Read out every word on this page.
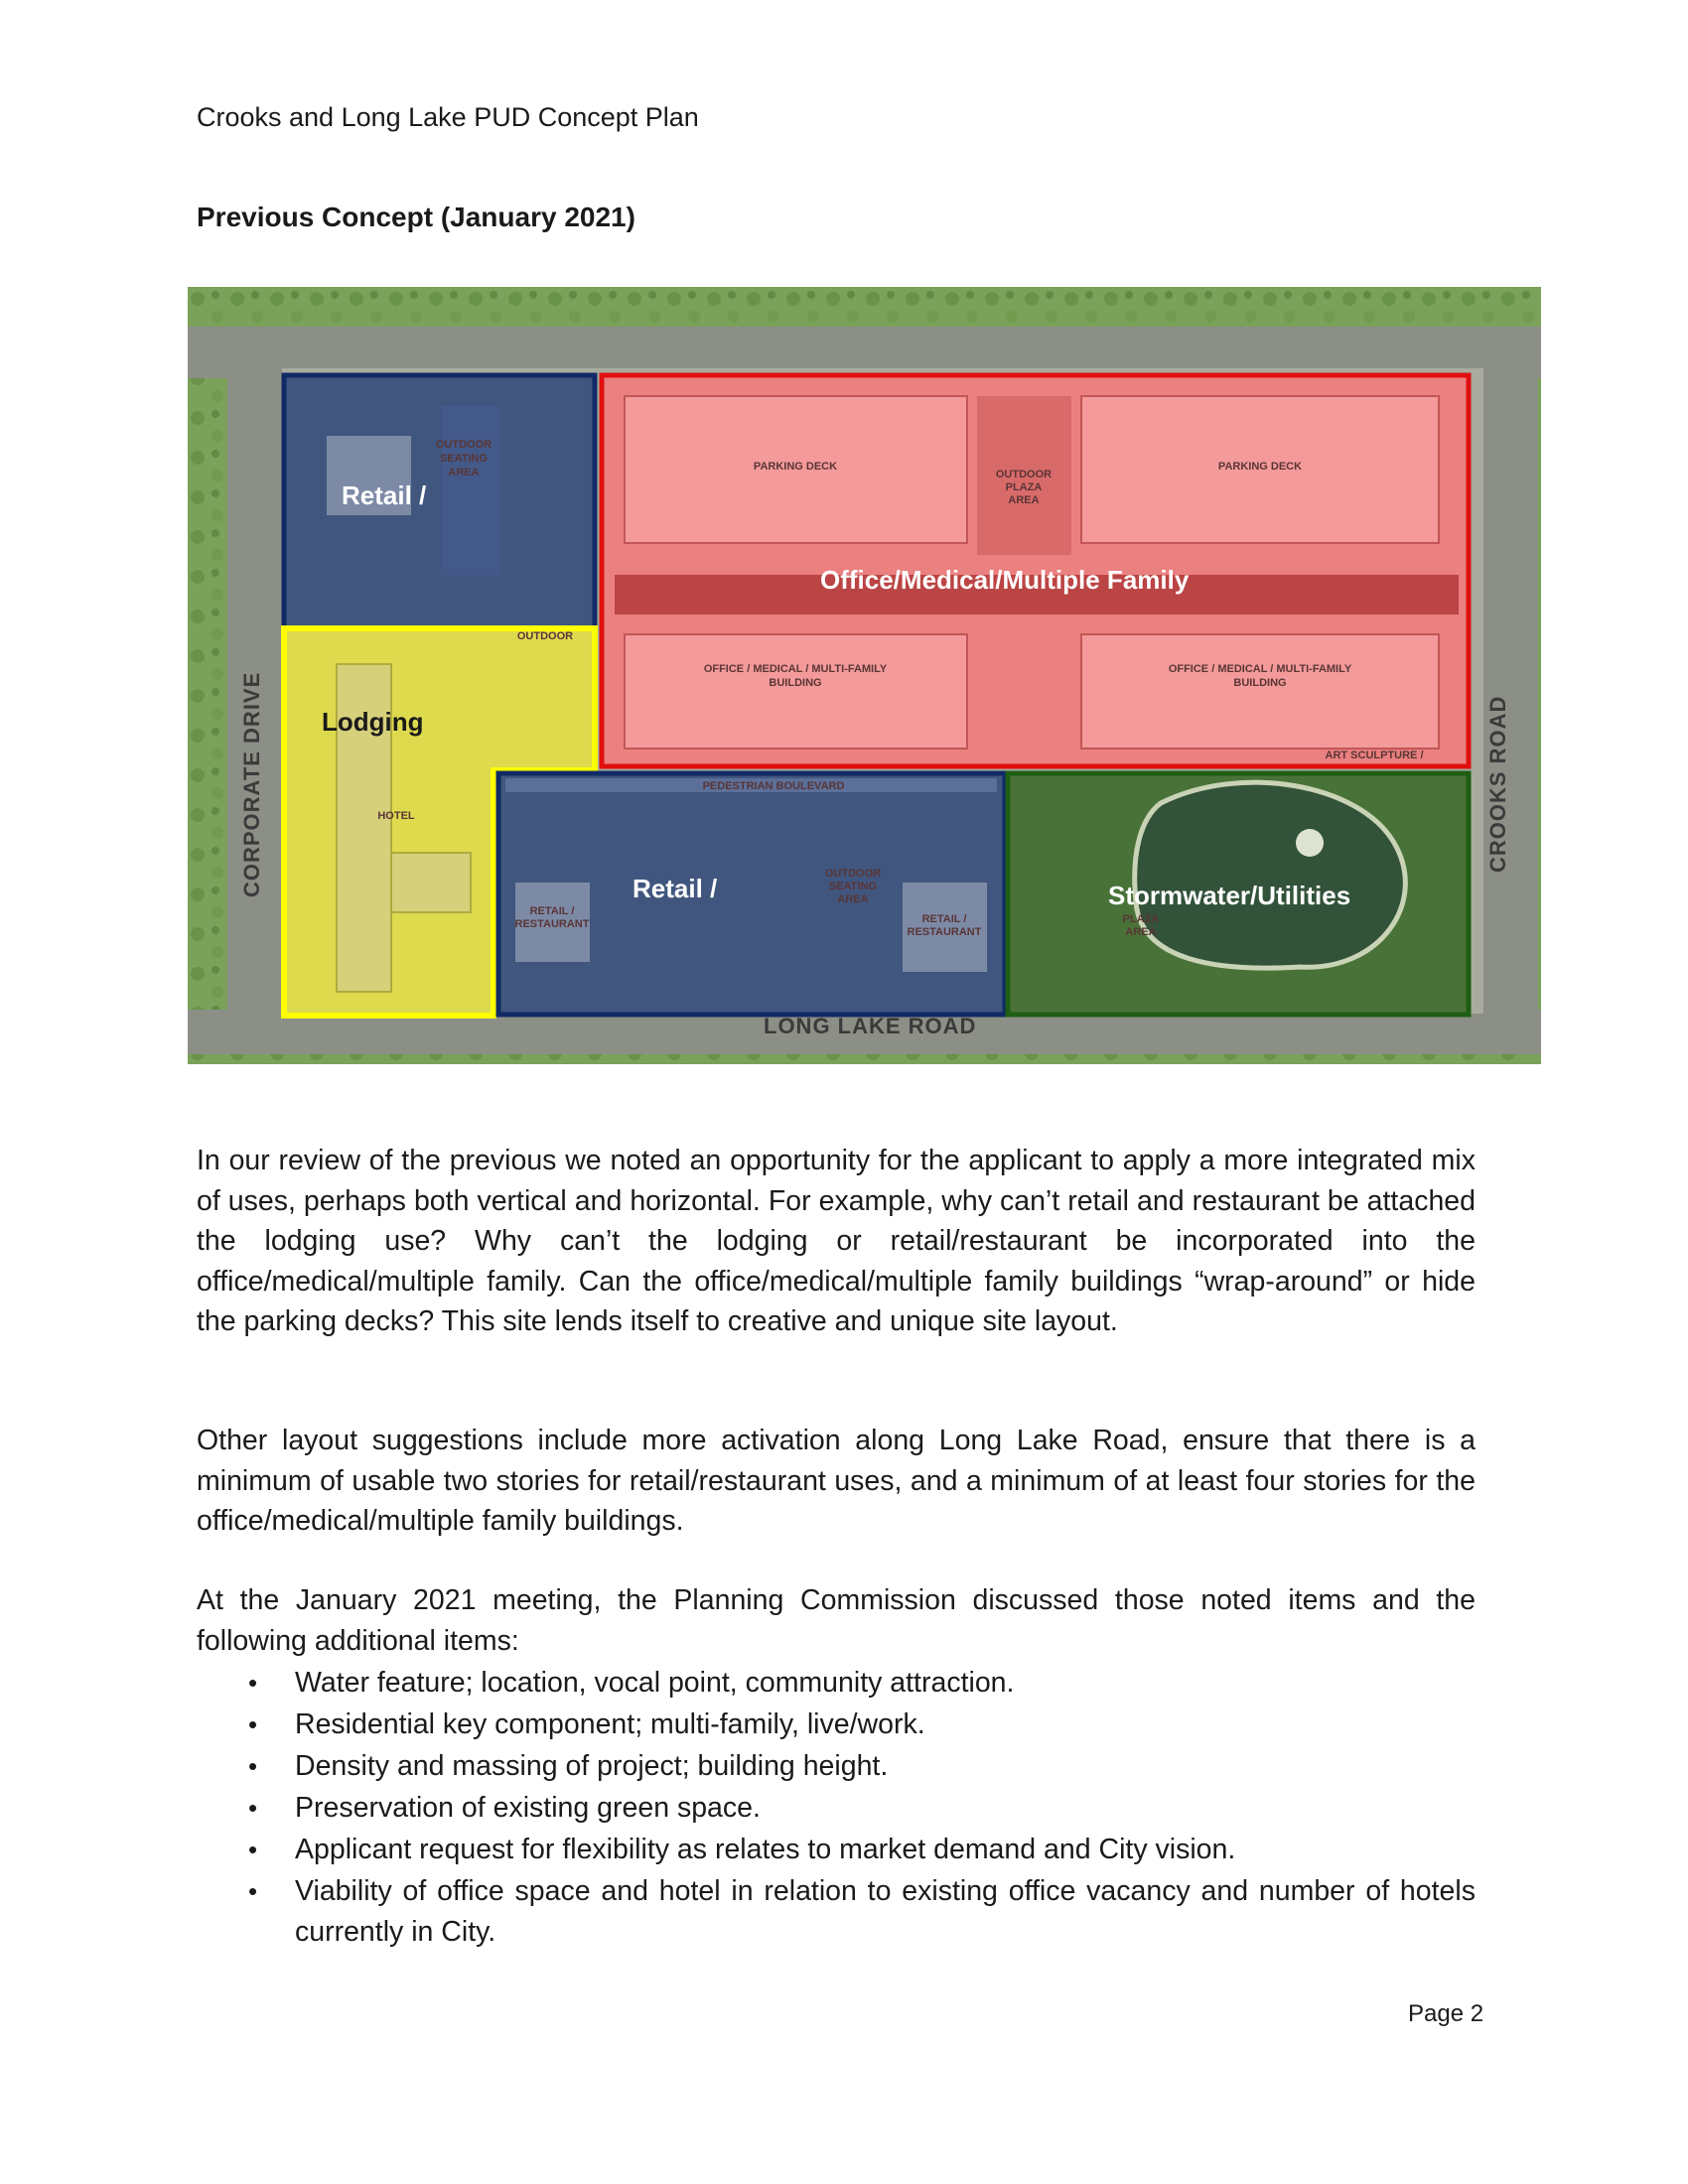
Crooks and Long Lake PUD Concept Plan
Previous Concept (January 2021)
OUTDOOR
SEATING
AREA
Retail /
PARKING DECK	PARKING DECK
OUTDOOR
PLAZA
AREA
OFFICE / MEDICAL / MULTI-FAMILY
BUILDING
OFFICE / MEDICAL / MULTI-FAMILY
BUILDING
ART SCULPTURE /
Office/Medical/Multiple Family
HOTEL
OUTDOOR
Lodging
PEDESTRIAN BOULEVARD
RETAIL /
RESTAURANT	RETAIL /
RESTAURANT
OUTDOOR
SEATING
AREA
Retail /
PLAZA
AREA
Stormwater/Utilities
CORPORATE DRIVE	CROOKS ROAD
LONG LAKE ROAD

In our review of the previous we noted an opportunity for the applicant to apply a more integrated mix of uses, perhaps both vertical and horizontal. For example, why can’t retail and restaurant be attached the lodging use? Why can’t the lodging or retail/restaurant be incorporated into the office/medical/multiple family. Can the office/medical/multiple family buildings “wrap-around” or hide the parking decks? This site lends itself to creative and unique site layout.

Other layout suggestions include more activation along Long Lake Road, ensure that there is a minimum of usable two stories for retail/restaurant uses, and a minimum of at least four stories for the office/medical/multiple family buildings.

At the January 2021 meeting, the Planning Commission discussed those noted items and the following additional items:

• Water feature; location, vocal point, community attraction.
• Residential key component; multi-family, live/work.
• Density and massing of project; building height.
• Preservation of existing green space.
• Applicant request for flexibility as relates to market demand and City vision.
• Viability of office space and hotel in relation to existing office vacancy and number of hotels currently in City.
Page 2
